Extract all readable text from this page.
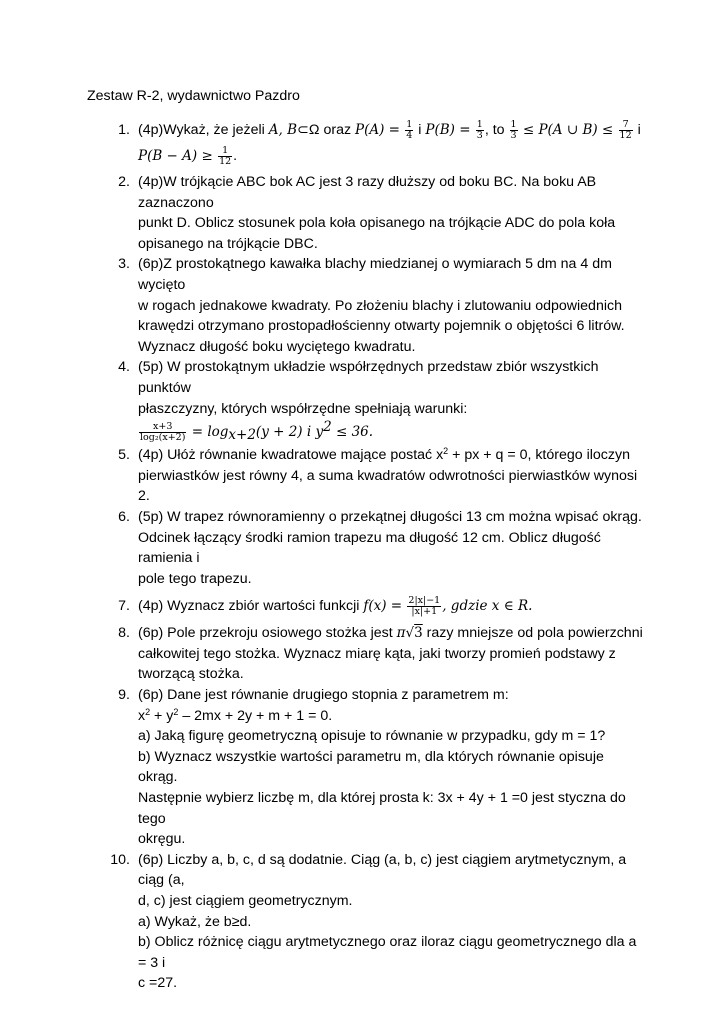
Zestaw R-2, wydawnictwo Pazdro
1. (4p)Wykaż, że jeżeli A, B⊂Ω oraz $P(A) = \frac{1}{4}$ i $P(B) = \frac{1}{3}$ , to $\frac{1}{3} \le P(A$ ∪ $B) \le \frac{7}{12}$ i
$P(B - A) \ge \frac{1}{12}$ .
2. (4p)W trójkącie ABC bok AC jest 3 razy dłuższy od boku BC. Na boku AB zaznaczono
punkt D. Oblicz stosunek pola koła opisanego na trójkącie ADC do pola koła
opisanego na trójkącie DBC.
3. (6p)Z prostokątnego kawałka blachy miedzianej o wymiarach 5 dm na 4 dm wycięto
w rogach jednakowe kwadraty. Po złożeniu blachy i zlutowaniu odpowiednich
krawędzi otrzymano prostopadłościenny otwarty pojemnik o objętości 6 litrów.
Wyznacz długość boku wyciętego kwadratu.
4. (5p) W prostokątnym układzie współrzędnych przedstaw zbiór wszystkich punktów
płaszczyzny, których współrzędne spełniają warunki:
$\frac{x+3}{\text{log₂(x+2)}} = \log_{x+2}(y + 2)$ i $y^2 \le 36$.
5. (4p) Ułóż równanie kwadratowe mające postać $x^2$ + px + q = 0, którego iloczyn
pierwiastków jest równy 4, a suma kwadratów odwrotności pierwiastków wynosi 2.
6. (5p) W trapez równoramienny o przekątnej długości 13 cm można wpisać okrąg.
Odcinek łączący środki ramion trapezu ma długość 12 cm. Oblicz długość ramienia i
pole tego trapezu.
7. (4p) Wyznacz zbiór wartości funkcji $f(x) = \frac{2|x|-1}{|x|+1}$ , gdzie x ∈ R.
8. (6p) Pole przekroju osiowego stożka jest π√3 razy mniejsze od pola powierzchni
całkowitej tego stożka. Wyznacz miarę kąta, jaki tworzy promień podstawy z
tworzącą stożka.
9. (6p) Dane jest równanie drugiego stopnia z parametrem m:
$x^2 + y^2 - 2mx + 2y + m + 1 = 0$.
a) Jaką figurę geometryczną opisuje to równanie w przypadku, gdy m = 1?
b) Wyznacz wszystkie wartości parametru m, dla których równanie opisuje okrąg.
Następnie wybierz liczbę m, dla której prosta k: 3x + 4y + 1 =0 jest styczna do tego
okręgu.
10. (6p) Liczby a, b, c, d są dodatnie. Ciąg (a, b, c) jest ciągiem arytmetycznym, a ciąg (a,
d, c) jest ciągiem geometrycznym.
a) Wykaż, że b≥d.
b) Oblicz różnicę ciągu arytmetycznego oraz iloraz ciągu geometrycznego dla a = 3 i
c =27.
